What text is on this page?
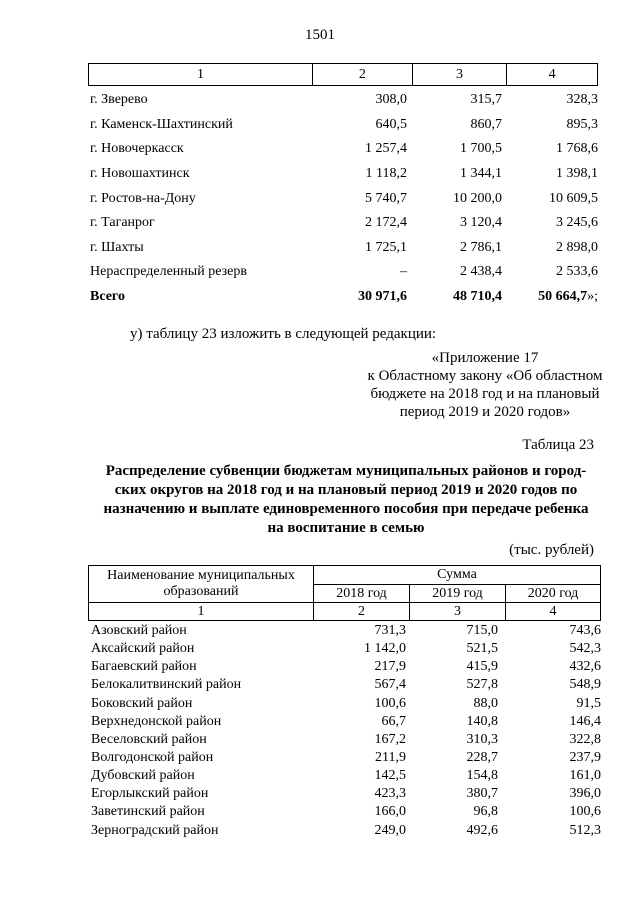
1501
1	2	3	4
г. Зверево	308,0	315,7	328,3
г. Каменск-Шахтинский	640,5	860,7	895,3
г. Новочеркасск	1 257,4	1 700,5	1 768,6
г. Новошахтинск	1 118,2	1 344,1	1 398,1
г. Ростов-на-Дону	5 740,7	10 200,0	10 609,5
г. Таганрог	2 172,4	3 120,4	3 245,6
г. Шахты	1 725,1	2 786,1	2 898,0
Нераспределенный резерв	–	2 438,4	2 533,6
Всего	30 971,6	48 710,4	50 664,7»;
у) таблицу 23 изложить в следующей редакции:
«Приложение 17
к Областному закону «Об областном
бюджете на 2018 год и на плановый
период 2019 и 2020 годов»
Таблица 23
Распределение субвенции бюджетам муниципальных районов и город-
ских округов на 2018 год и на плановый период 2019 и 2020 годов по
назначению и выплате единовременного пособия при передаче ребенка
на воспитание в семью
(тыс. рублей)
Наименование муниципальных
образований
Сумма
2018 год	2019 год	2020 год
1	2	3	4
Азовский район	731,3	715,0	743,6
Аксайский район	1 142,0	521,5	542,3
Багаевский район	217,9	415,9	432,6
Белокалитвинский район	567,4	527,8	548,9
Боковский район	100,6	88,0	91,5
Верхнедонской район	66,7	140,8	146,4
Веселовский район	167,2	310,3	322,8
Волгодонской район	211,9	228,7	237,9
Дубовский район	142,5	154,8	161,0
Егорлыкский район	423,3	380,7	396,0
Заветинский район	166,0	96,8	100,6
Зерноградский район	249,0	492,6	512,3
